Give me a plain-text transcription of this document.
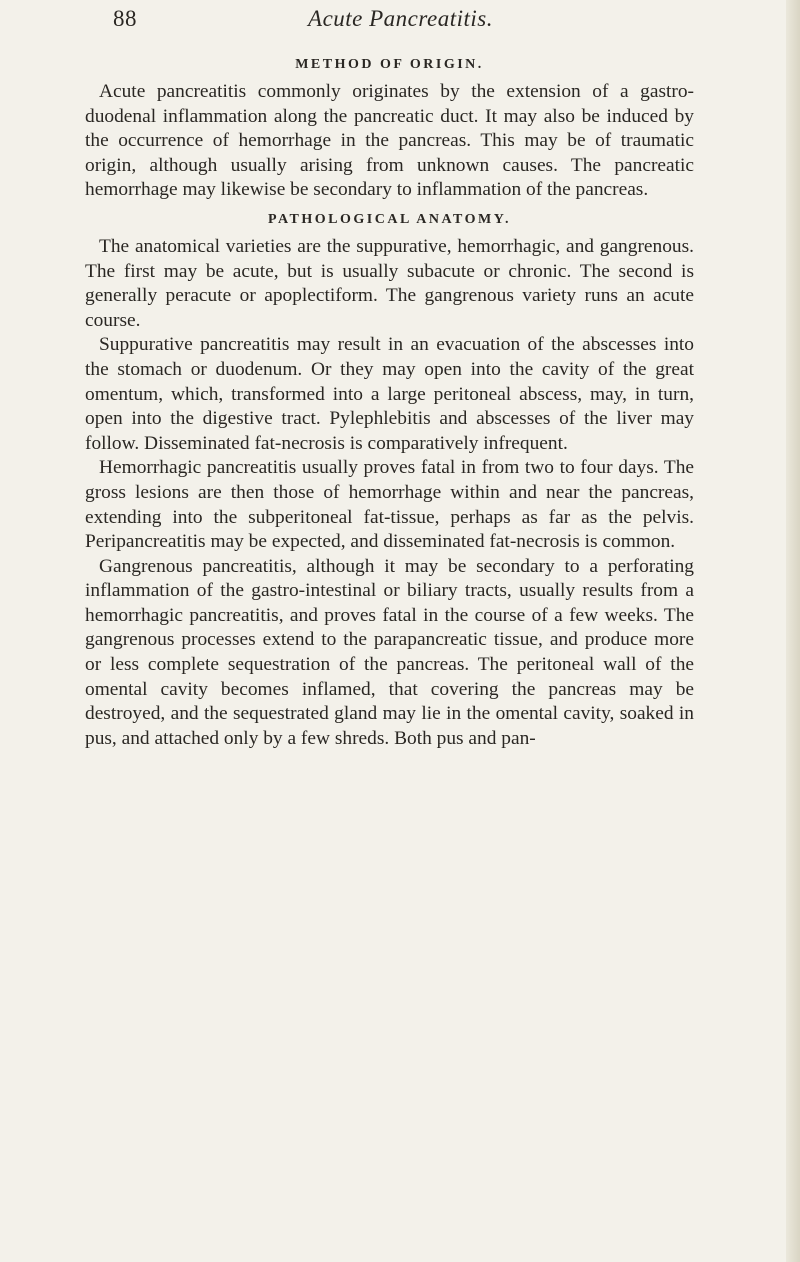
88	Acute Pancreatitis.
METHOD OF ORIGIN.

Acute pancreatitis commonly originates by the extension of a gastro-duodenal inflammation along the pancreatic duct. It may also be induced by the occurrence of hemorrhage in the pancreas. This may be of traumatic origin, although usually arising from unknown causes. The pancreatic hemorrhage may likewise be secondary to inflammation of the pancreas.

PATHOLOGICAL ANATOMY.

The anatomical varieties are the suppurative, hemorrhagic, and gangrenous. The first may be acute, but is usually subacute or chronic. The second is generally peracute or apoplectiform. The gangrenous variety runs an acute course.

Suppurative pancreatitis may result in an evacuation of the abscesses into the stomach or duodenum. Or they may open into the cavity of the great omentum, which, transformed into a large peritoneal abscess, may, in turn, open into the digestive tract. Pylephlebitis and abscesses of the liver may follow. Disseminated fat-necrosis is comparatively infrequent.

Hemorrhagic pancreatitis usually proves fatal in from two to four days. The gross lesions are then those of hemorrhage within and near the pancreas, extending into the subperitoneal fat-tissue, perhaps as far as the pelvis. Peripancreatitis may be expected, and disseminated fat-necrosis is common.

Gangrenous pancreatitis, although it may be secondary to a perforating inflammation of the gastro-intestinal or biliary tracts, usually results from a hemorrhagic pancreatitis, and proves fatal in the course of a few weeks. The gangrenous processes extend to the parapancreatic tissue, and produce more or less complete sequestration of the pancreas. The peritoneal wall of the omental cavity becomes inflamed, that covering the pancreas may be destroyed, and the sequestrated gland may lie in the omental cavity, soaked in pus, and attached only by a few shreds. Both pus and pan-
